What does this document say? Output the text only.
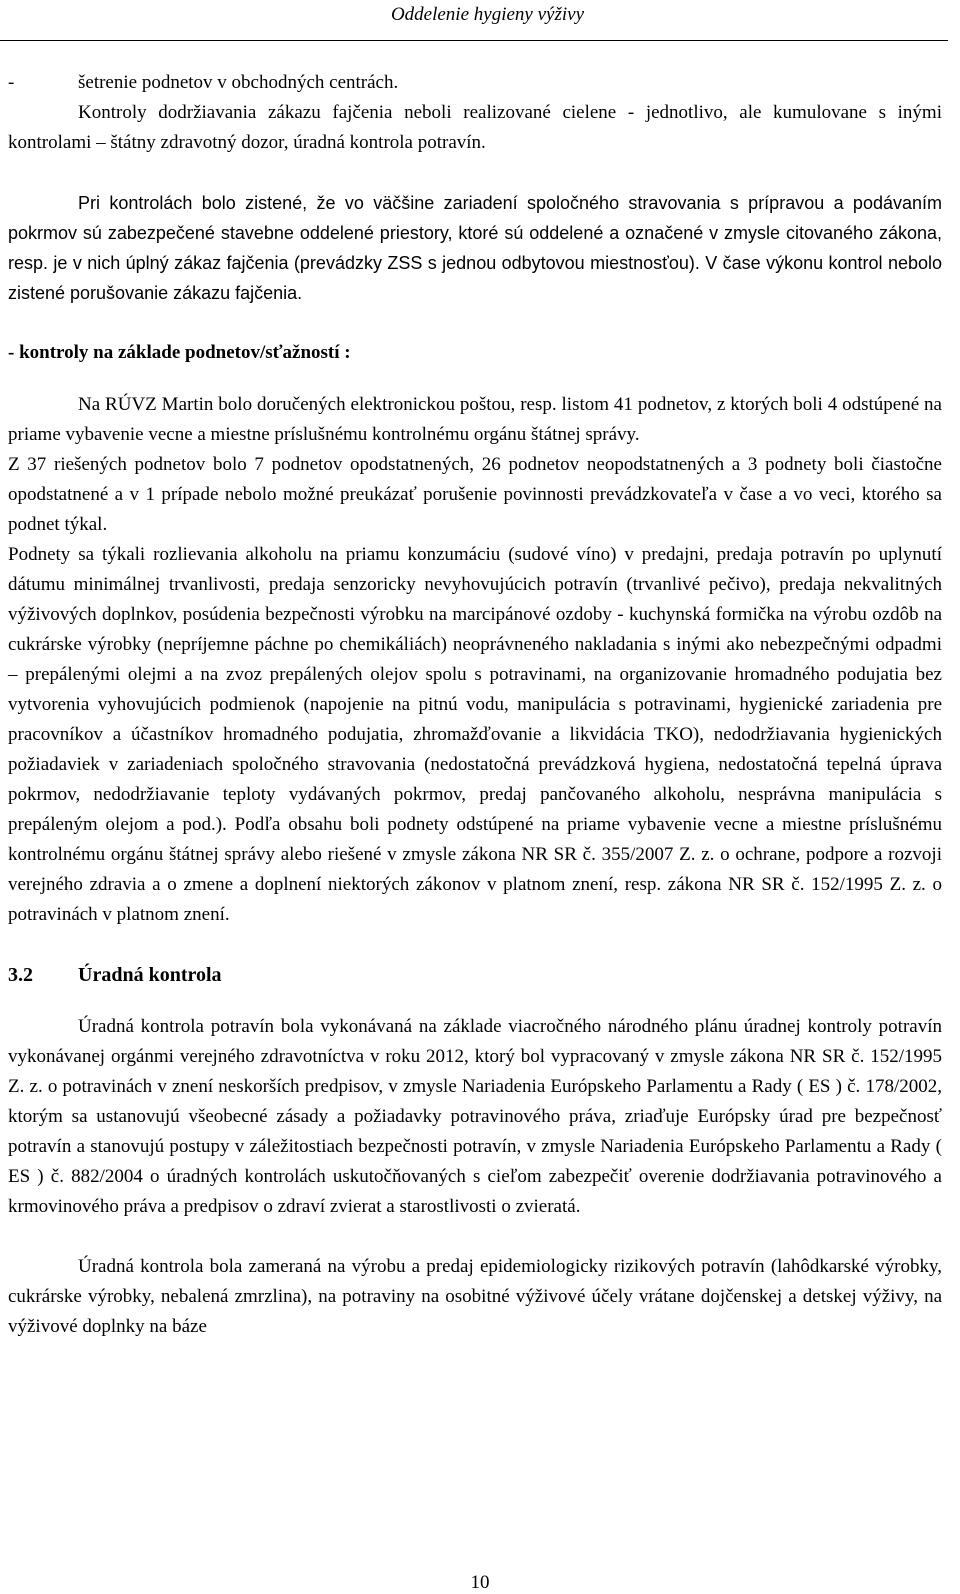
Oddelenie hygieny výživy

-	šetrenie podnetov v obchodných centrách.

Kontroly dodržiavania zákazu fajčenia neboli realizované cielene - jednotlivo, ale kumulovane s inými kontrolami – štátny zdravotný dozor, úradná kontrola potravín.

Pri kontrolách bolo zistené, že vo väčšine zariadení spoločného stravovania s prípravou a podávaním pokrmov sú zabezpečené stavebne oddelené priestory, ktoré sú oddelené a označené v zmysle citovaného zákona, resp. je v nich úplný zákaz fajčenia (prevádzky ZSS s jednou odbytovou miestnosťou). V čase výkonu kontrol nebolo zistené porušovanie zákazu fajčenia.

- kontroly na základe podnetov/sťažností :

Na RÚVZ Martin bolo doručených elektronickou poštou, resp. listom 41 podnetov, z ktorých boli 4 odstúpené na priame vybavenie vecne a miestne príslušnému kontrolnému orgánu štátnej správy.

Z 37 riešených podnetov bolo 7 podnetov opodstatnených, 26 podnetov neopodstatnených a 3 podnety boli čiastočne opodstatnené a v 1 prípade nebolo možné preukázať porušenie povinnosti prevádzkovateľa v čase a vo veci, ktorého sa podnet týkal.

Podnety sa týkali rozlievania alkoholu na priamu konzumáciu (sudové víno) v predajni, predaja potravín po uplynutí dátumu minimálnej trvanlivosti, predaja senzoricky nevyhovujúcich potravín (trvanlivé pečivo), predaja nekvalitných výživových doplnkov, posúdenia bezpečnosti výrobku na marcipánové ozdoby - kuchynská formička na výrobu ozdôb na cukrárske výrobky (nepríjemne páchne po chemikáliách) neoprávneného nakladania s inými ako nebezpečnými odpadmi – prepálenými olejmi a na zvoz prepálených olejov spolu s potravinami, na organizovanie hromadného podujatia bez vytvorenia vyhovujúcich podmienok (napojenie na pitnú vodu, manipulácia s potravinami, hygienické zariadenia pre pracovníkov a účastníkov hromadného podujatia, zhromažďovanie a likvidácia TKO), nedodržiavania hygienických požiadaviek v zariadeniach spoločného stravovania (nedostatočná prevádzková hygiena, nedostatočná tepelná úprava pokrmov, nedodržiavanie teploty vydávaných pokrmov, predaj pančovaného alkoholu, nesprávna manipulácia s prepáleným olejom a pod.). Podľa obsahu boli podnety odstúpené na priame vybavenie vecne a miestne príslušnému kontrolnému orgánu štátnej správy alebo riešené v zmysle zákona NR SR č. 355/2007 Z. z. o ochrane, podpore a rozvoji verejného zdravia a o zmene a doplnení niektorých zákonov v platnom znení, resp. zákona NR SR č. 152/1995 Z. z. o potravinách v platnom znení.

3.2 Úradná kontrola

Úradná kontrola potravín bola vykonávaná na základe viacročného národného plánu úradnej kontroly potravín vykonávanej orgánmi verejného zdravotníctva v roku 2012, ktorý bol vypracovaný v zmysle zákona NR SR č. 152/1995 Z. z. o potravinách v znení neskorších predpisov, v zmysle Nariadenia Európskeho Parlamentu a Rady ( ES ) č. 178/2002, ktorým sa ustanovujú všeobecné zásady a požiadavky potravinového práva, zriaďuje Európsky úrad pre bezpečnosť potravín a stanovujú postupy v záležitostiach bezpečnosti potravín, v zmysle Nariadenia Európskeho Parlamentu a Rady ( ES ) č. 882/2004 o úradných kontrolách uskutočňovaných s cieľom zabezpečiť overenie dodržiavania potravinového a krmovinového práva a predpisov o zdraví zvierat a starostlivosti o zvieratá.

Úradná kontrola bola zameraná na výrobu a predaj epidemiologicky rizikových potravín (lahôdkarské výrobky, cukrárske výrobky, nebalená zmrzlina), na potraviny na osobitné výživové účely vrátane dojčenskej a detskej výživy, na výživové doplnky na báze

10
